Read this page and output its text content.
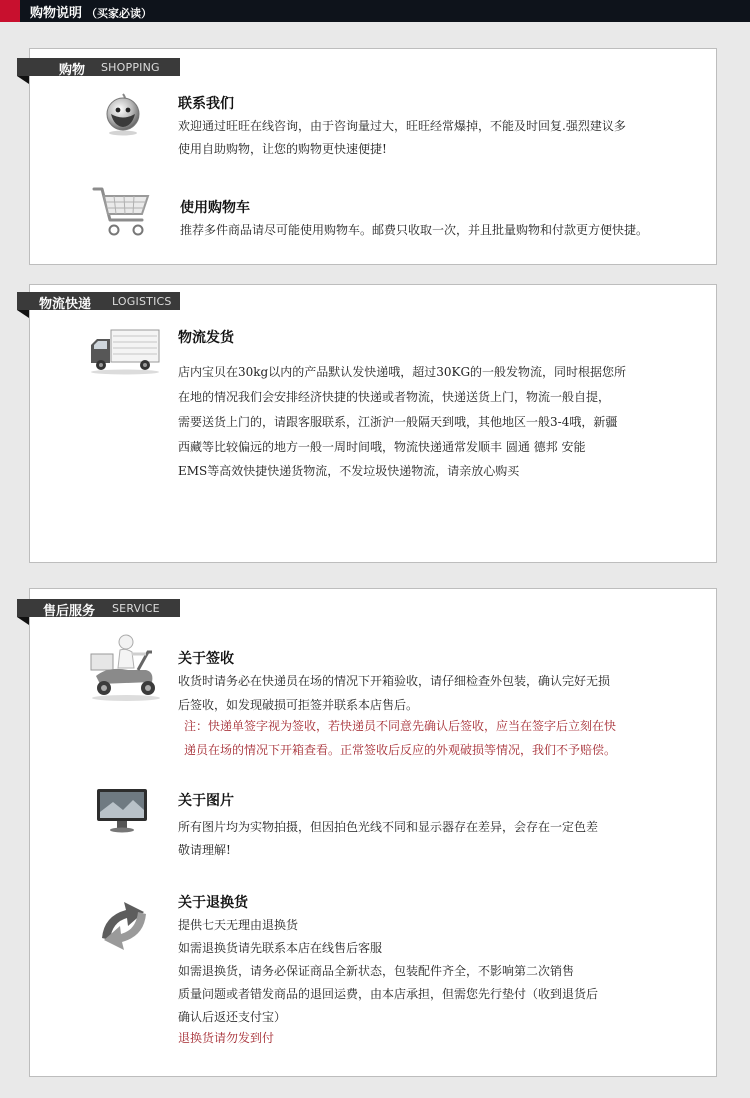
购物说明 （买家必读）
购物 SHOPPING
联系我们
欢迎通过旺旺在线咨询，由于咨询量过大，旺旺经常爆掉，不能及时回复.强烈建议多
使用自助购物，让您的购物更快速便捷!
使用购物车
推荐多件商品请尽可能使用购物车。邮费只收取一次，并且批量购物和付款更方便快捷。
物流快递 LOGISTICS
物流发货
店内宝贝在30kg以内的产品默认发快递哦，超过30KG的一般发物流，同时根据您所
在地的情况我们会安排经济快捷的快递或者物流，快递送货上门，物流一般自提，
需要送货上门的，请跟客服联系，江浙沪一般隔天到哦，其他地区一般3-4哦，新疆
西藏等比较偏远的地方一般一周时间哦，物流快递通常发顺丰 圆通 德邦 安能
EMS等高效快捷快递货物流，不发垃圾快递物流，请亲放心购买
售后服务 SERVICE
关于签收
收货时请务必在快递员在场的情况下开箱验收，请仔细检查外包装，确认完好无损
后签收，如发现破损可拒签并联系本店售后。
注：快递单签字视为签收，若快递员不同意先确认后签收，应当在签字后立刻在快
递员在场的情况下开箱查看。正常签收后反应的外观破损等情况，我们不予赔偿。
关于图片
所有图片均为实物拍摄，但因拍色光线不同和显示器存在差异，会存在一定色差
敬请理解!
关于退换货
提供七天无理由退换货
如需退换货请先联系本店在线售后客服
如需退换货，请务必保证商品全新状态，包装配件齐全，不影响第二次销售
质量问题或者错发商品的退回运费，由本店承担，但需您先行垫付（收到退货后
确认后返还支付宝）
退换货请勿发到付
